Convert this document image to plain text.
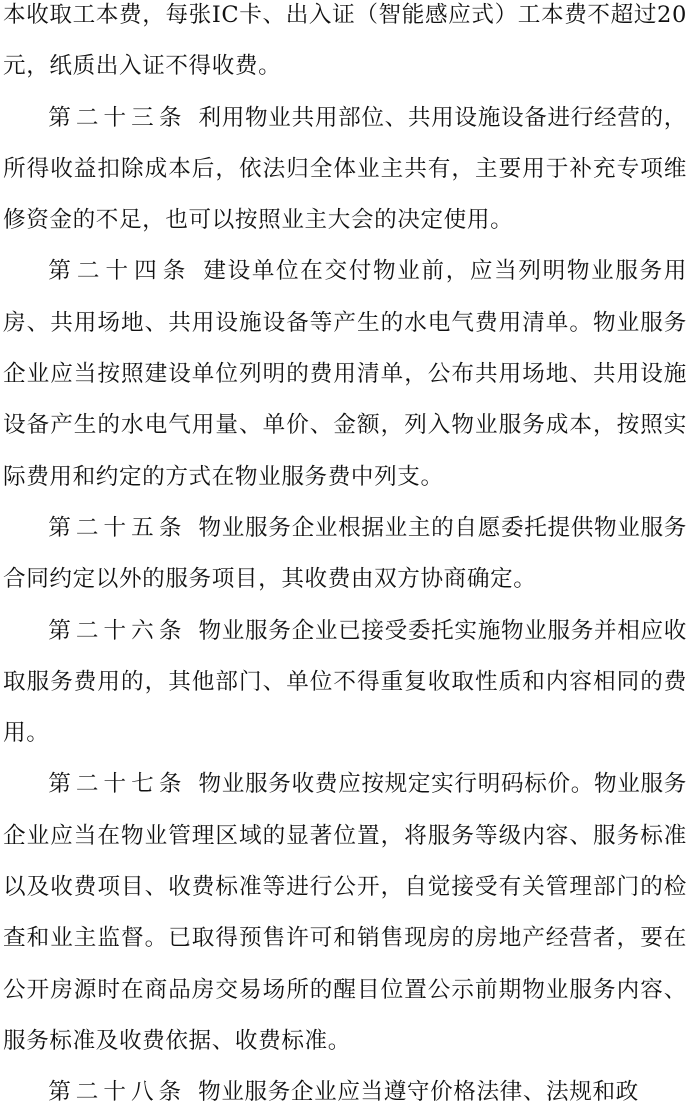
本收取工本费，每张IC卡、出入证（智能感应式）工本费不超过20元，纸质出入证不得收费。

第二十三条 利用物业共用部位、共用设施设备进行经营的，所得收益扣除成本后，依法归全体业主共有，主要用于补充专项维修资金的不足，也可以按照业主大会的决定使用。

第二十四条 建设单位在交付物业前，应当列明物业服务用房、共用场地、共用设施设备等产生的水电气费用清单。物业服务企业应当按照建设单位列明的费用清单，公布共用场地、共用设施设备产生的水电气用量、单价、金额，列入物业服务成本，按照实际费用和约定的方式在物业服务费中列支。

第二十五条 物业服务企业根据业主的自愿委托提供物业服务合同约定以外的服务项目，其收费由双方协商确定。

第二十六条 物业服务企业已接受委托实施物业服务并相应收取服务费用的，其他部门、单位不得重复收取性质和内容相同的费用。

第二十七条 物业服务收费应按规定实行明码标价。物业服务企业应当在物业管理区域的显著位置，将服务等级内容、服务标准以及收费项目、收费标准等进行公开，自觉接受有关管理部门的检查和业主监督。已取得预售许可和销售现房的房地产经营者，要在公开房源时在商品房交易场所的醒目位置公示前期物业服务内容、服务标准及收费依据、收费标准。

第二十八条 物业服务企业应当遵守价格法律、法规和政
